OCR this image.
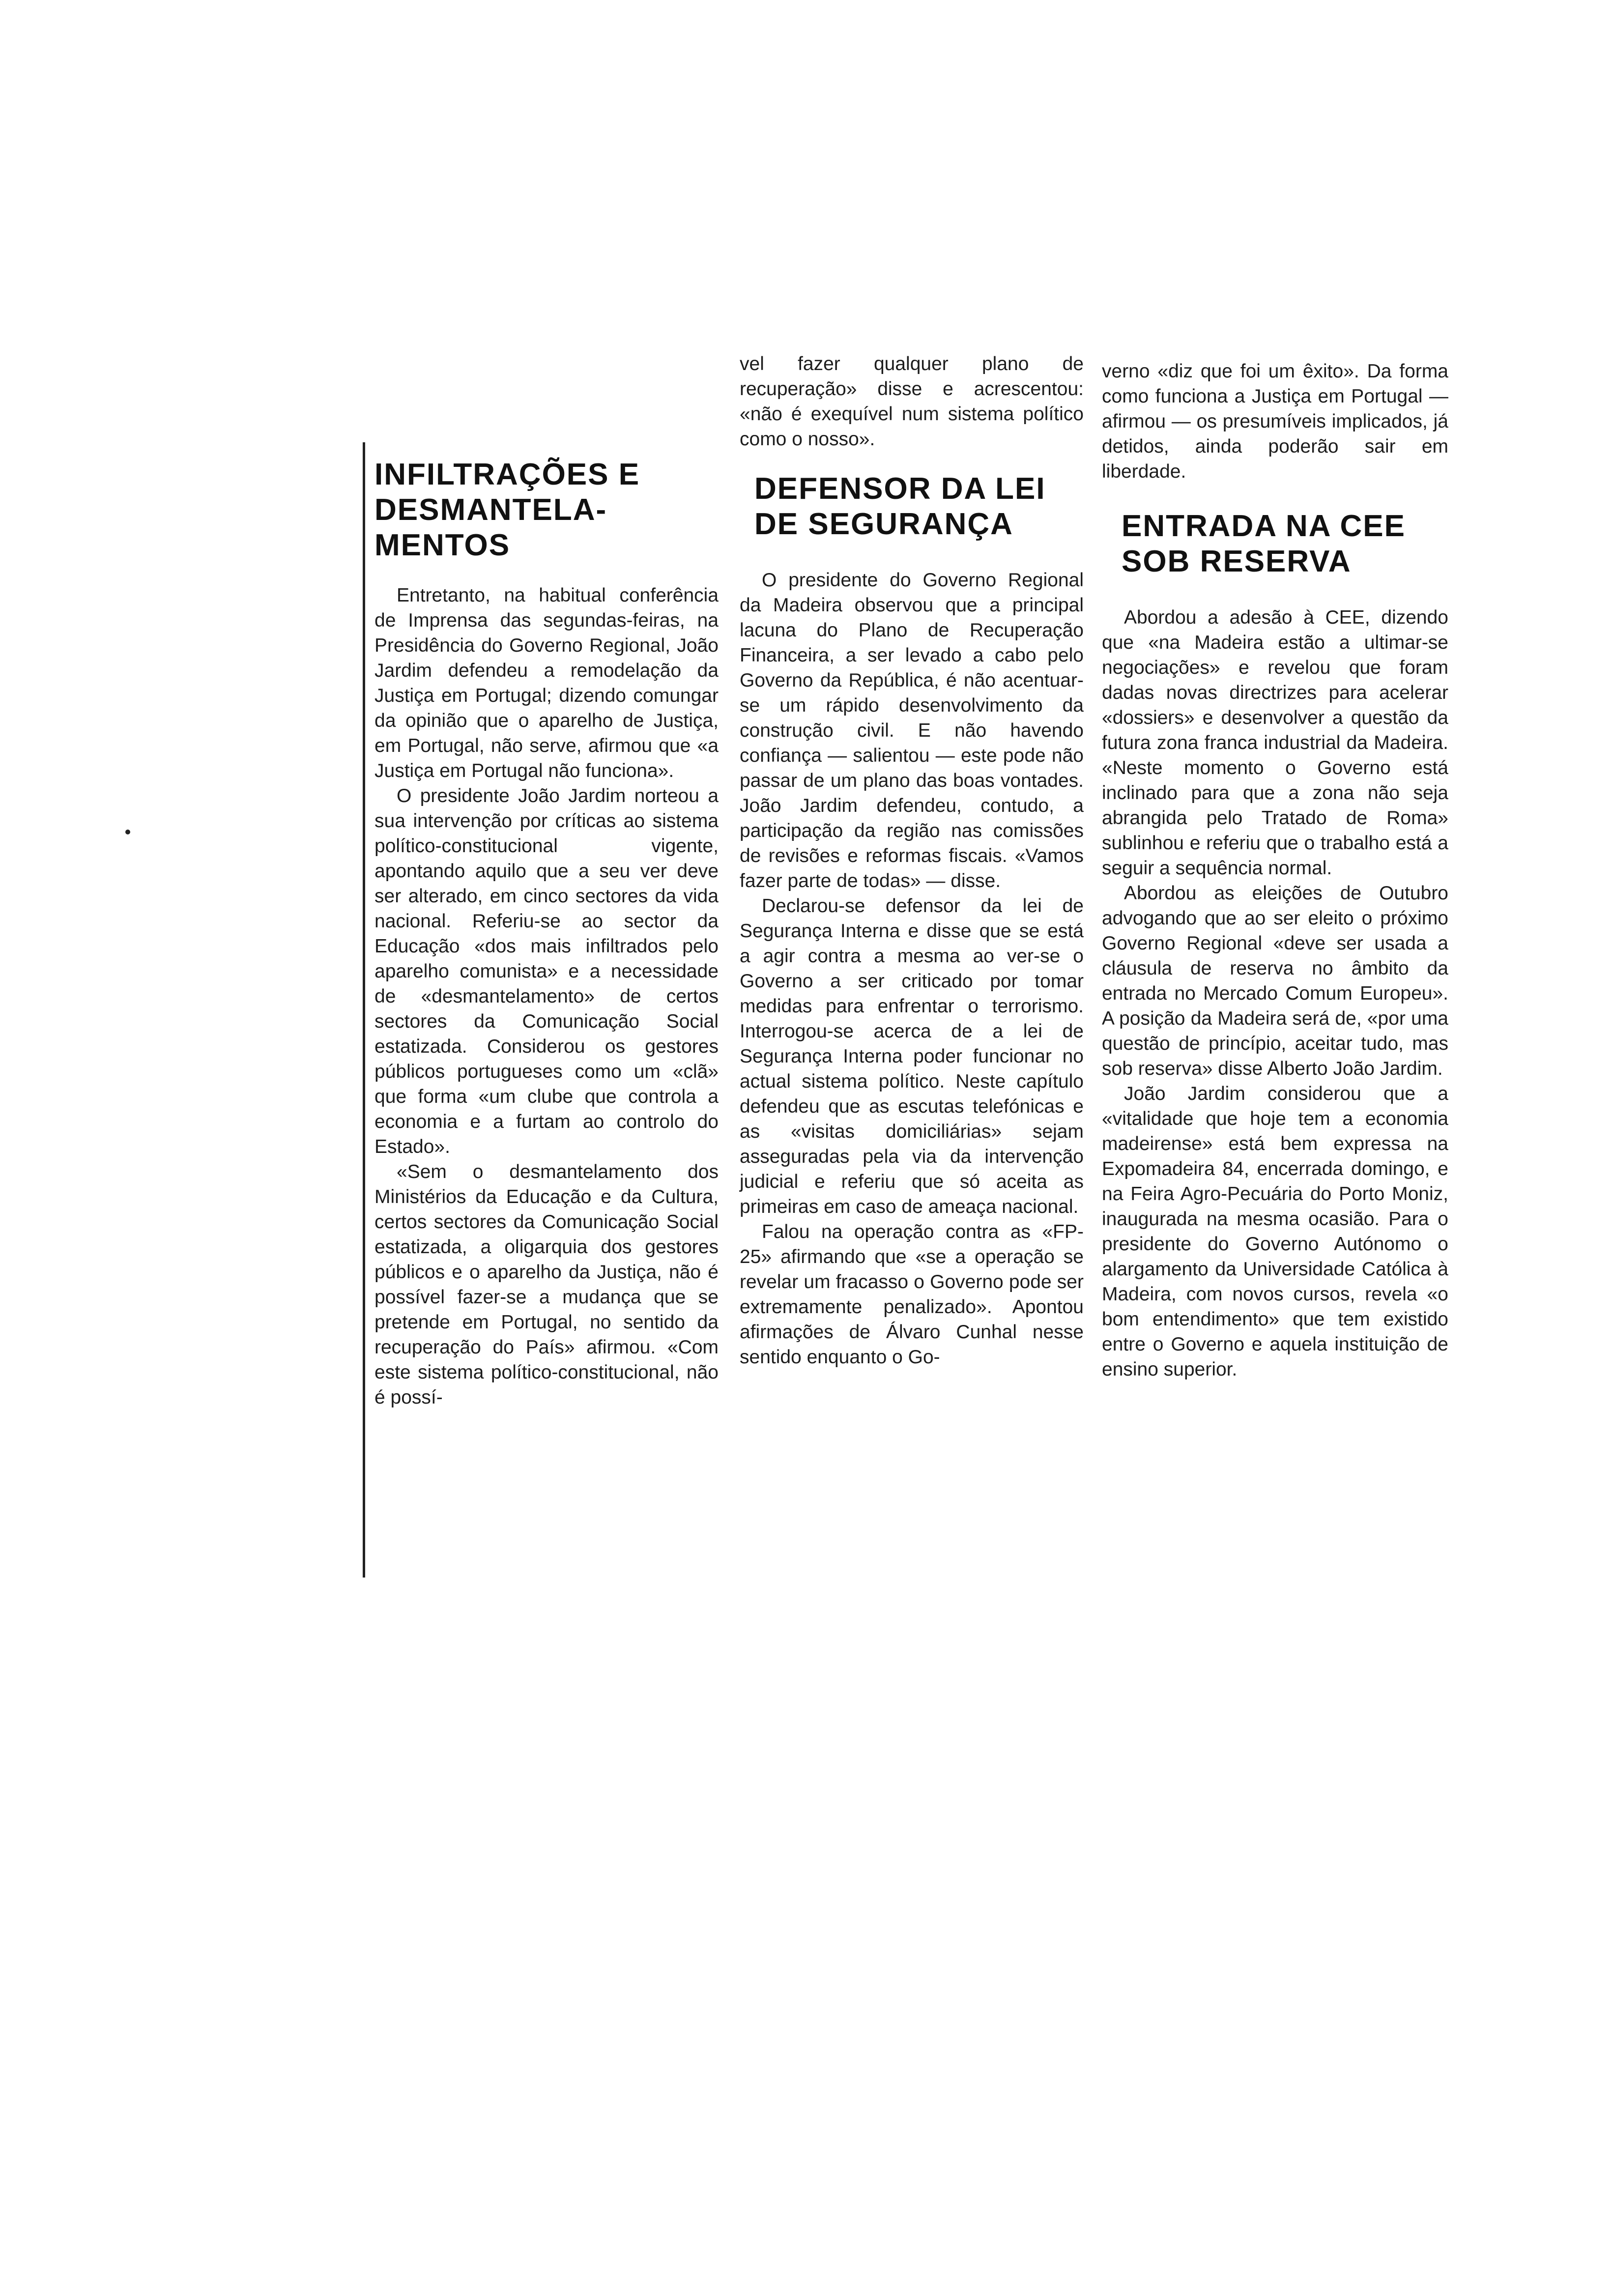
INFILTRAÇÕES E DESMANTELA-MENTOS

Entretanto, na habitual conferência de Imprensa das segundas-feiras, na Presidência do Governo Regional, João Jardim defendeu a remodelação da Justiça em Portugal; dizendo comungar da opinião que o aparelho de Justiça, em Portugal, não serve, afirmou que «a Justiça em Portugal não funciona».

O presidente João Jardim norteou a sua intervenção por críticas ao sistema político-constitucional vigente, apontando aquilo que a seu ver deve ser alterado, em cinco sectores da vida nacional. Referiu-se ao sector da Educação «dos mais infiltrados pelo aparelho comunista» e a necessidade de «desmantelamento» de certos sectores da Comunicação Social estatizada. Considerou os gestores públicos portugueses como um «clã» que forma «um clube que controla a economia e a furtam ao controlo do Estado».

«Sem o desmantelamento dos Ministérios da Educação e da Cultura, certos sectores da Comunicação Social estatizada, a oligarquia dos gestores públicos e o aparelho da Justiça, não é possível fazer-se a mudança que se pretende em Portugal, no sentido da recuperação do País» afirmou. «Com este sistema político-constitucional, não é possí-

vel fazer qualquer plano de recuperação» disse e acrescentou: «não é exequível num sistema político como o nosso».

DEFENSOR DA LEI DE SEGURANÇA

O presidente do Governo Regional da Madeira observou que a principal lacuna do Plano de Recuperação Financeira, a ser levado a cabo pelo Governo da República, é não acentuar-se um rápido desenvolvimento da construção civil. E não havendo confiança — salientou — este pode não passar de um plano das boas vontades. João Jardim defendeu, contudo, a participação da região nas comissões de revisões e reformas fiscais. «Vamos fazer parte de todas» — disse.

Declarou-se defensor da lei de Segurança Interna e disse que se está a agir contra a mesma ao ver-se o Governo a ser criticado por tomar medidas para enfrentar o terrorismo. Interrogou-se acerca de a lei de Segurança Interna poder funcionar no actual sistema político. Neste capítulo defendeu que as escutas telefónicas e as «visitas domiciliárias» sejam asseguradas pela via da intervenção judicial e referiu que só aceita as primeiras em caso de ameaça nacional.

Falou na operação contra as «FP-25» afirmando que «se a operação se revelar um fracasso o Governo pode ser extremamente penalizado». Apontou afirmações de Álvaro Cunhal nesse sentido enquanto o Go-

verno «diz que foi um êxito». Da forma como funciona a Justiça em Portugal — afirmou — os presumíveis implicados, já detidos, ainda poderão sair em liberdade.

ENTRADA NA CEE SOB RESERVA

Abordou a adesão à CEE, dizendo que «na Madeira estão a ultimar-se negociações» e revelou que foram dadas novas directrizes para acelerar «dossiers» e desenvolver a questão da futura zona franca industrial da Madeira. «Neste momento o Governo está inclinado para que a zona não seja abrangida pelo Tratado de Roma» sublinhou e referiu que o trabalho está a seguir a sequência normal.

Abordou as eleições de Outubro advogando que ao ser eleito o próximo Governo Regional «deve ser usada a cláusula de reserva no âmbito da entrada no Mercado Comum Europeu». A posição da Madeira será de, «por uma questão de princípio, aceitar tudo, mas sob reserva» disse Alberto João Jardim.

João Jardim considerou que a «vitalidade que hoje tem a economia madeirense» está bem expressa na Expomadeira 84, encerrada domingo, e na Feira Agro-Pecuária do Porto Moniz, inaugurada na mesma ocasião. Para o presidente do Governo Autónomo o alargamento da Universidade Católica à Madeira, com novos cursos, revela «o bom entendimento» que tem existido entre o Governo e aquela instituição de ensino superior.
